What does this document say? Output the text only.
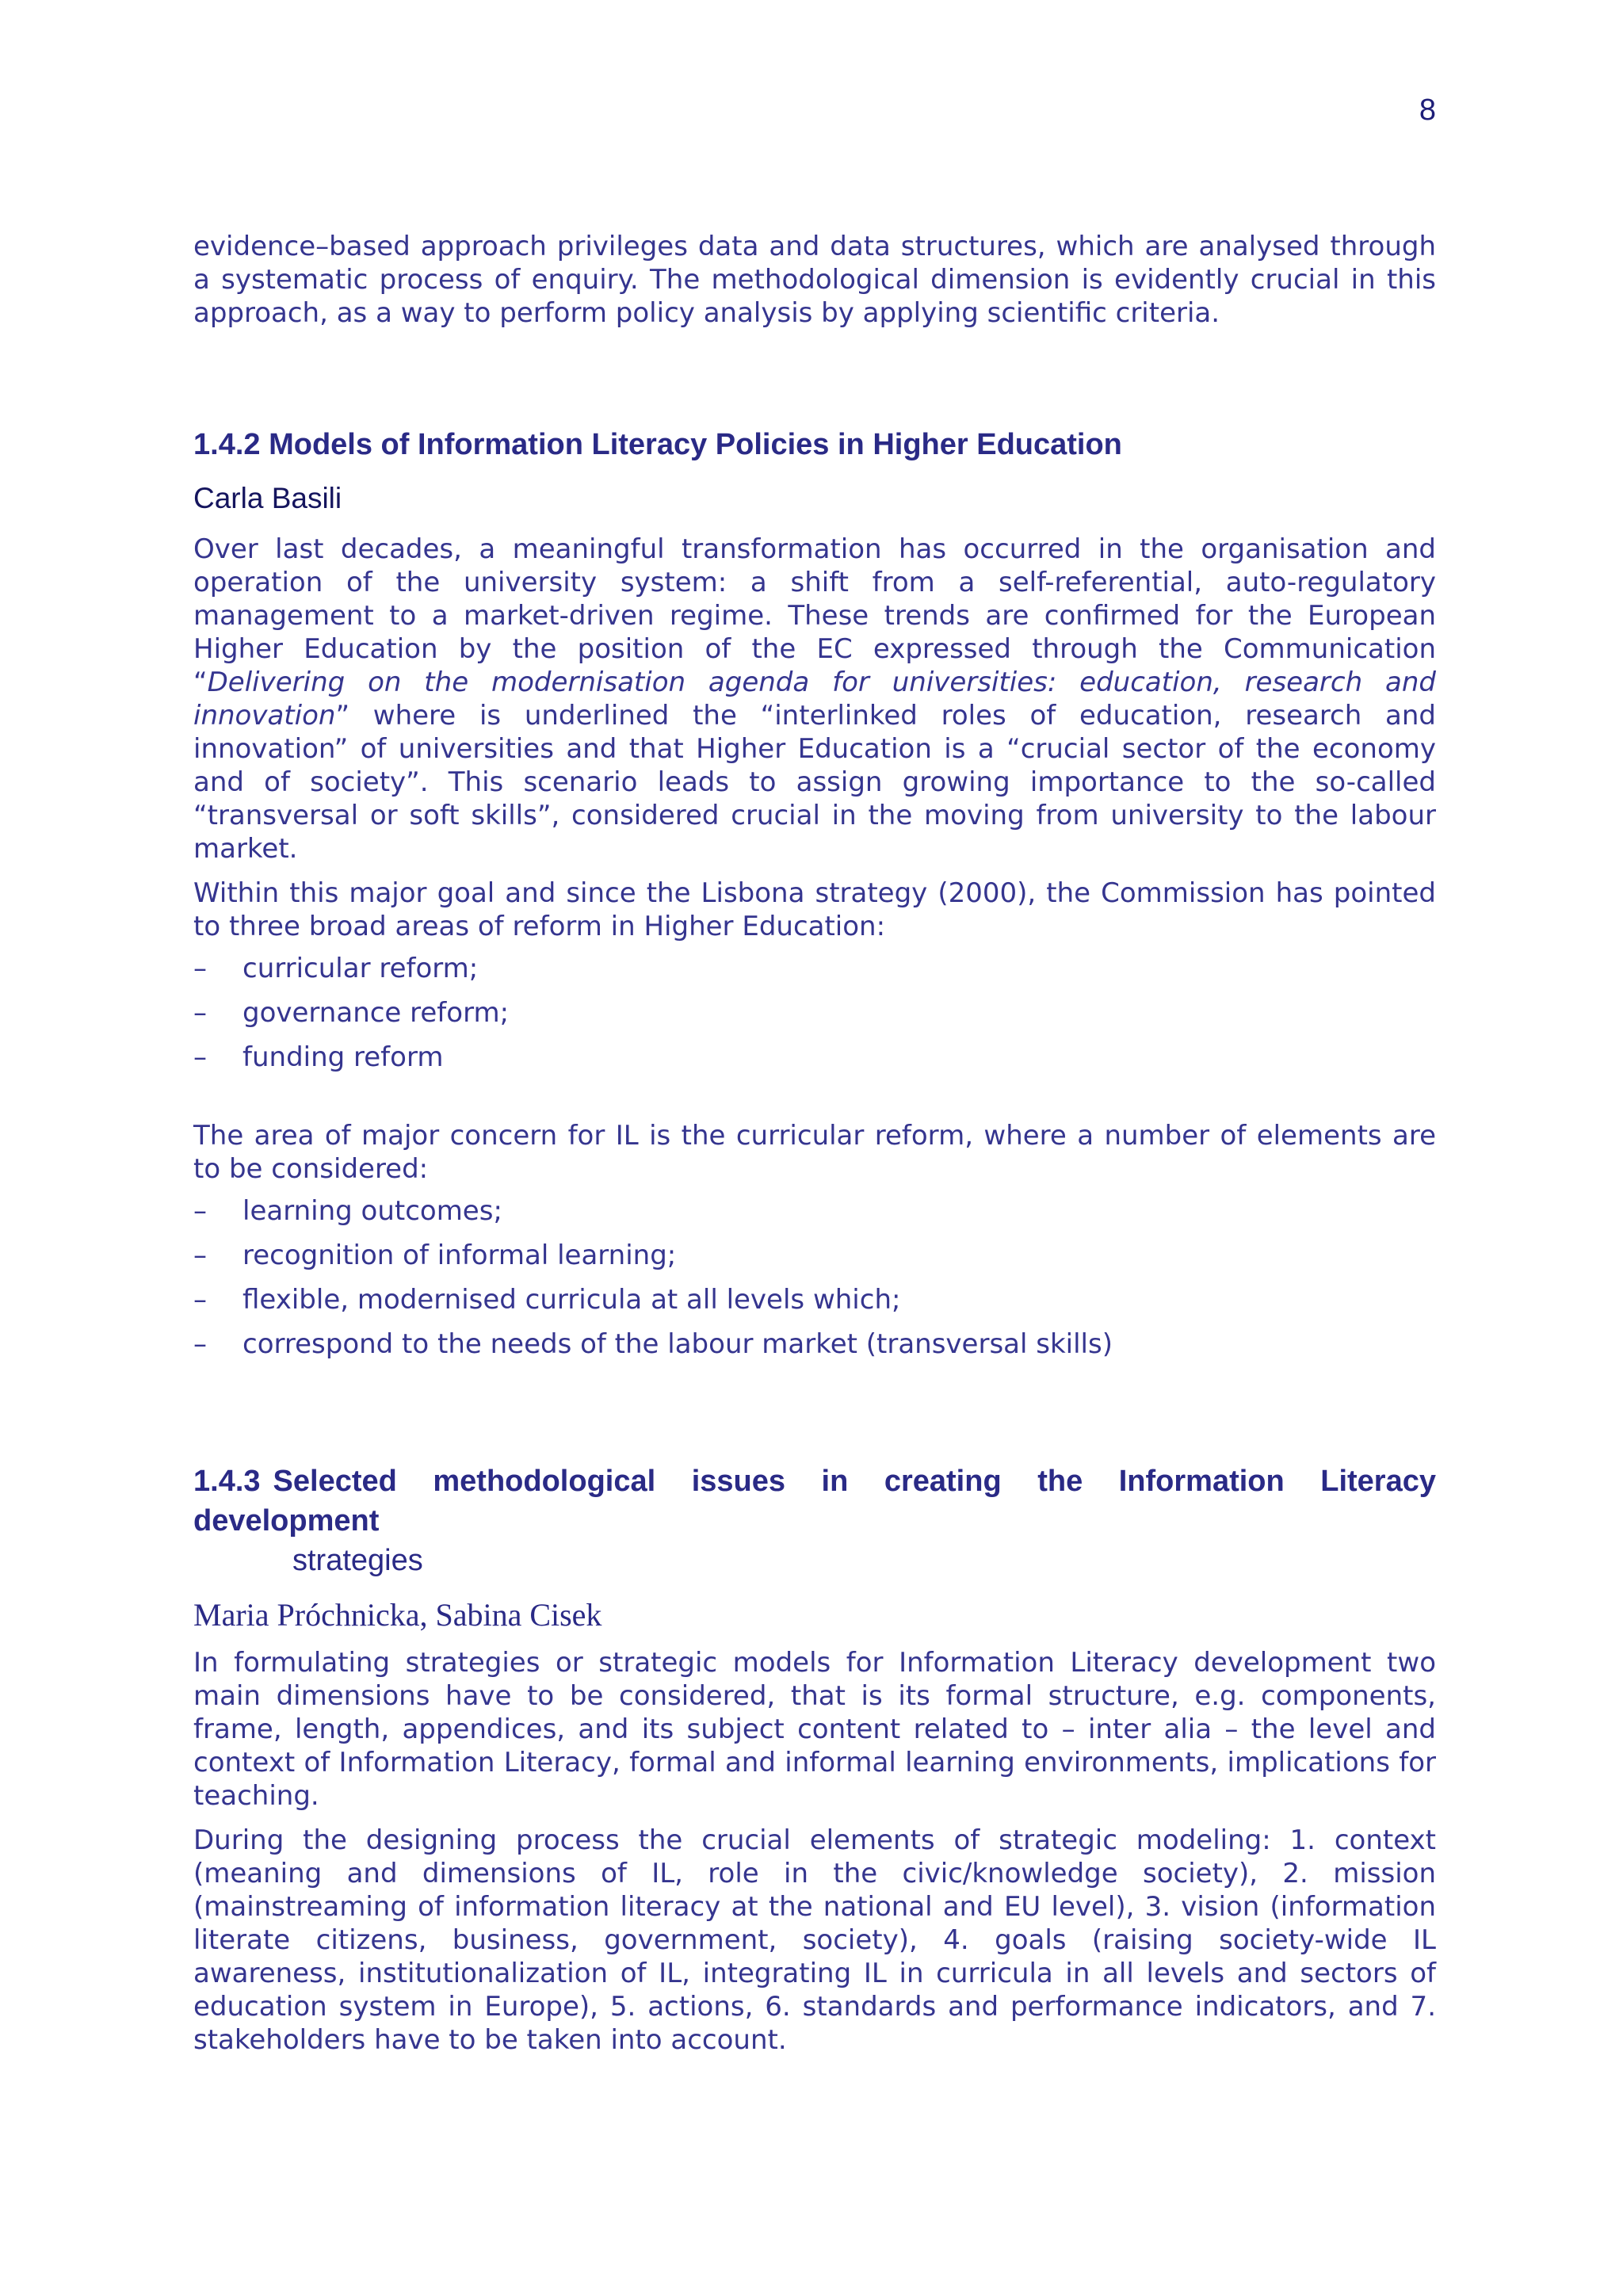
8

evidence–based approach privileges data and data structures, which are analysed through a systematic process of enquiry. The methodological dimension is evidently crucial in this approach, as a way to perform policy analysis by applying scientific criteria.

1.4.2 Models of Information Literacy Policies in Higher Education

Carla Basili

Over last decades, a meaningful transformation has occurred in the organisation and operation of the university system: a shift from a self-referential, auto-regulatory management to a market-driven regime. These trends are confirmed for the European Higher Education by the position of the EC expressed through the Communication “Delivering on the modernisation agenda for universities: education, research and innovation” where is underlined the “interlinked roles of education, research and innovation” of universities and that Higher Education is a “crucial sector of the economy and of society”. This scenario leads to assign growing importance to the so-called “transversal or soft skills”, considered crucial in the moving from university to the labour market.

Within this major goal and since the Lisbona strategy (2000), the Commission has pointed to three broad areas of reform in Higher Education:

– curricular reform;
– governance reform;
– funding reform

The area of major concern for IL is the curricular reform, where a number of elements are to be considered:

– learning outcomes;
– recognition of informal learning;
– flexible, modernised curricula at all levels which;
– correspond to the needs of the labour market (transversal skills)
1.4.3 Selected methodological issues in creating the Information Literacy development
strategies

Maria Próchnicka, Sabina Cisek

In formulating strategies or strategic models for Information Literacy development two main dimensions have to be considered, that is its formal structure, e.g. components, frame, length, appendices, and its subject content related to – inter alia – the level and context of Information Literacy, formal and informal learning environments, implications for teaching.

During the designing process the crucial elements of strategic modeling: 1. context (meaning and dimensions of IL, role in the civic/knowledge society), 2. mission (mainstreaming of information literacy at the national and EU level), 3. vision (information literate citizens, business, government, society), 4. goals (raising society-wide IL awareness, institutionalization of IL, integrating IL in curricula in all levels and sectors of education system in Europe), 5. actions, 6. standards and performance indicators, and 7. stakeholders have to be taken into account.
